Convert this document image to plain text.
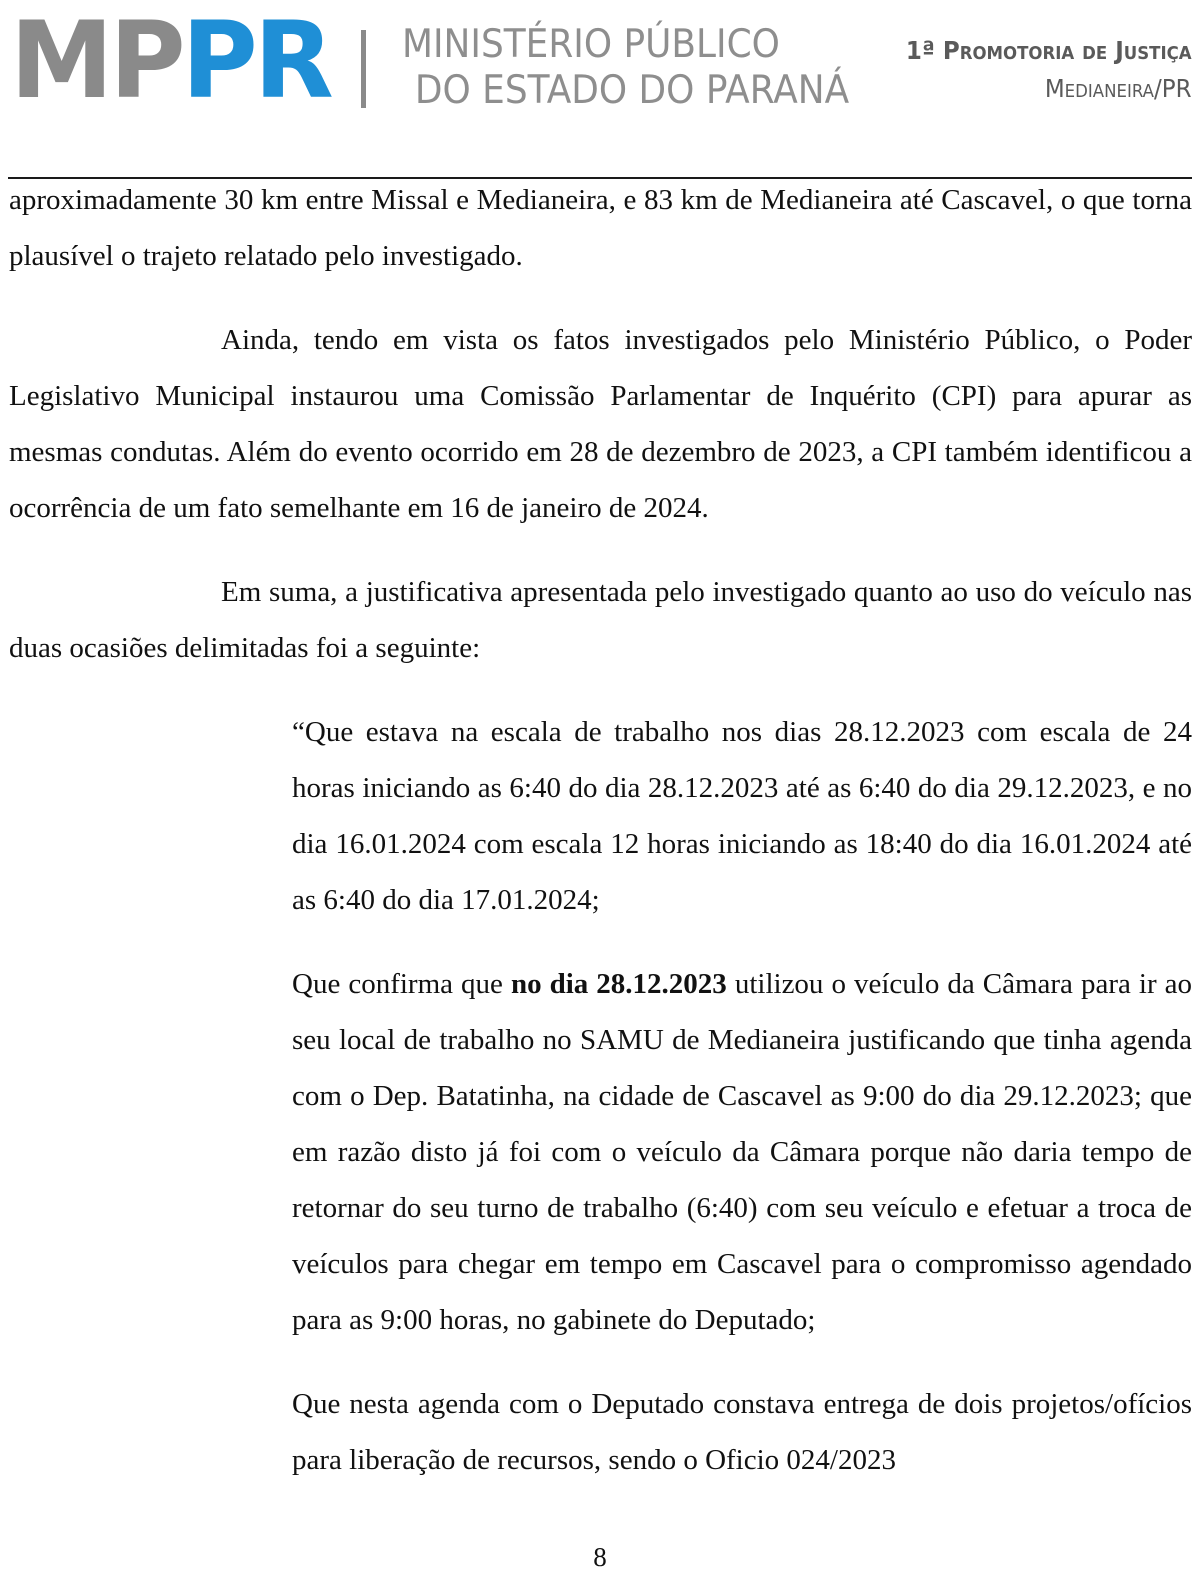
MPPR MINISTÉRIO PÚBLICO
DO ESTADO DO PARANÁ
1ª Promotoria de Justiça
Medianeira/PR

aproximadamente 30 km entre Missal e Medianeira, e 83 km de Medianeira até Cascavel, o que torna plausível o trajeto relatado pelo investigado.

Ainda, tendo em vista os fatos investigados pelo Ministério Público, o Poder Legislativo Municipal instaurou uma Comissão Parlamentar de Inquérito (CPI) para apurar as mesmas condutas. Além do evento ocorrido em 28 de dezembro de 2023, a CPI também identificou a ocorrência de um fato semelhante em 16 de janeiro de 2024.

Em suma, a justificativa apresentada pelo investigado quanto ao uso do veículo nas duas ocasiões delimitadas foi a seguinte:

“Que estava na escala de trabalho nos dias 28.12.2023 com escala de 24 horas iniciando as 6:40 do dia 28.12.2023 até as 6:40 do dia 29.12.2023, e no dia 16.01.2024 com escala 12 horas iniciando as 18:40 do dia 16.01.2024 até as 6:40 do dia 17.01.2024;

Que confirma que no dia 28.12.2023 utilizou o veículo da Câmara para ir ao seu local de trabalho no SAMU de Medianeira justificando que tinha agenda com o Dep. Batatinha, na cidade de Cascavel as 9:00 do dia 29.12.2023; que em razão disto já foi com o veículo da Câmara porque não daria tempo de retornar do seu turno de trabalho (6:40) com seu veículo e efetuar a troca de veículos para chegar em tempo em Cascavel para o compromisso agendado para as 9:00 horas, no gabinete do Deputado;

Que nesta agenda com o Deputado constava entrega de dois projetos/ofícios para liberação de recursos, sendo o Oficio 024/2023

8
